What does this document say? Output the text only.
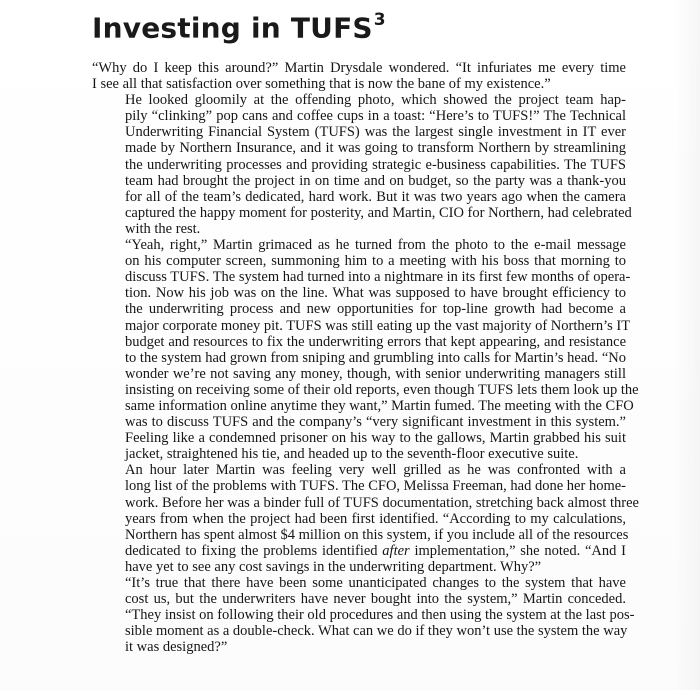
Investing in TUFS$^3$

“Why do I keep this around?” Martin Drysdale wondered. “It infuriates me every time
I see all that satisfaction over something that is now the bane of my existence.”

He looked gloomily at the offending photo, which showed the project team hap-
pily “clinking” pop cans and coffee cups in a toast: “Here’s to TUFS!” The Technical
Underwriting Financial System (TUFS) was the largest single investment in IT ever
made by Northern Insurance, and it was going to transform Northern by streamlining
the underwriting processes and providing strategic e-business capabilities. The TUFS
team had brought the project in on time and on budget, so the party was a thank-you
for all of the team’s dedicated, hard work. But it was two years ago when the camera
captured the happy moment for posterity, and Martin, CIO for Northern, had celebrated
with the rest.

“Yeah, right,” Martin grimaced as he turned from the photo to the e-mail message
on his computer screen, summoning him to a meeting with his boss that morning to
discuss TUFS. The system had turned into a nightmare in its first few months of opera-
tion. Now his job was on the line. What was supposed to have brought efficiency to
the underwriting process and new opportunities for top-line growth had become a
major corporate money pit. TUFS was still eating up the vast majority of Northern’s IT
budget and resources to fix the underwriting errors that kept appearing, and resistance
to the system had grown from sniping and grumbling into calls for Martin’s head. “No
wonder we’re not saving any money, though, with senior underwriting managers still
insisting on receiving some of their old reports, even though TUFS lets them look up the
same information online anytime they want,” Martin fumed. The meeting with the CFO
was to discuss TUFS and the company’s “very significant investment in this system.”
Feeling like a condemned prisoner on his way to the gallows, Martin grabbed his suit
jacket, straightened his tie, and headed up to the seventh-floor executive suite.

An hour later Martin was feeling very well grilled as he was confronted with a
long list of the problems with TUFS. The CFO, Melissa Freeman, had done her home-
work. Before her was a binder full of TUFS documentation, stretching back almost three
years from when the project had been first identified. “According to my calculations,
Northern has spent almost $4 million on this system, if you include all of the resources
dedicated to fixing the problems identified after implementation,” she noted. “And I
have yet to see any cost savings in the underwriting department. Why?”

“It’s true that there have been some unanticipated changes to the system that have
cost us, but the underwriters have never bought into the system,” Martin conceded.
“They insist on following their old procedures and then using the system at the last pos-
sible moment as a double-check. What can we do if they won’t use the system the way
it was designed?”
